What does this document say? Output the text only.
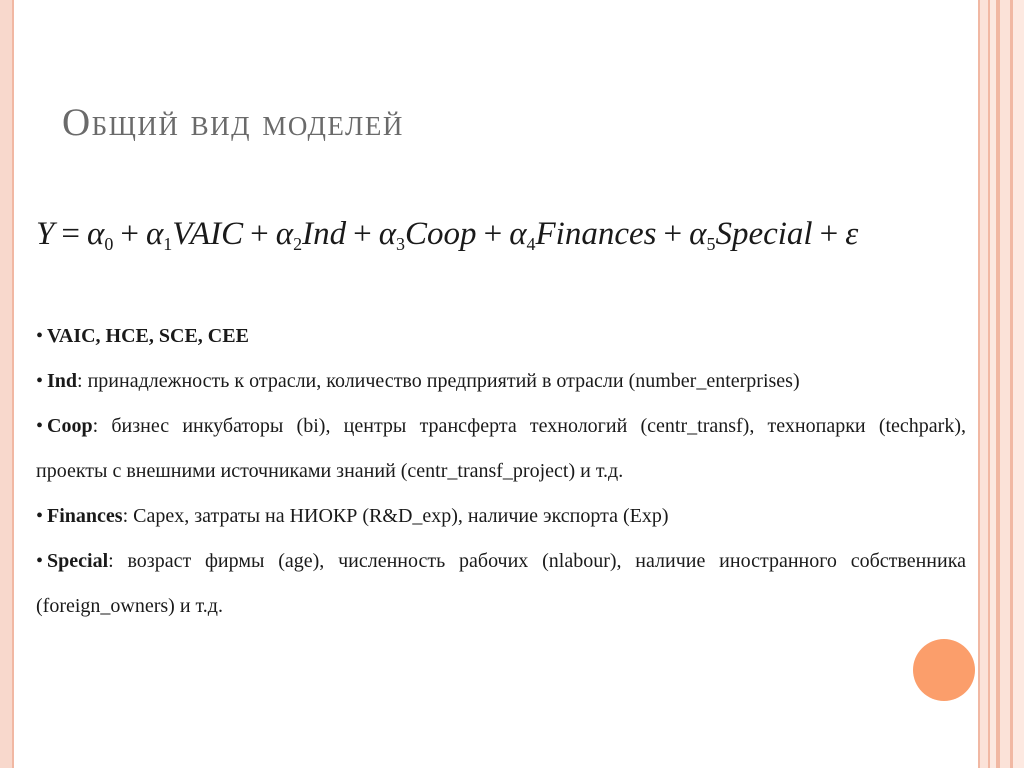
Общий вид моделей
$Y = \alpha_0$ + $\alpha_1VAIC + \alpha_2Ind$ + $\alpha_3Coop$ + $\alpha_4Finances$ + $\alpha_5Special + \varepsilon$

• VAIC, HCE, SCE, CEE

• Ind: принадлежность к отрасли, количество предприятий в отрасли (number_enterprises)

• Coop: бизнес инкубаторы (bi), центры трансферта технологий (centr_transf), технопарки (techpark), проекты с внешними источниками знаний (centr_transf_project) и т.д.

• Finances: Capex, затраты на НИОКР (R&D_exp), наличие экспорта (Exp)

• Special: возраст фирмы (age), численность рабочих (nlabour), наличие иностранного собственника (foreign_owners) и т.д.
